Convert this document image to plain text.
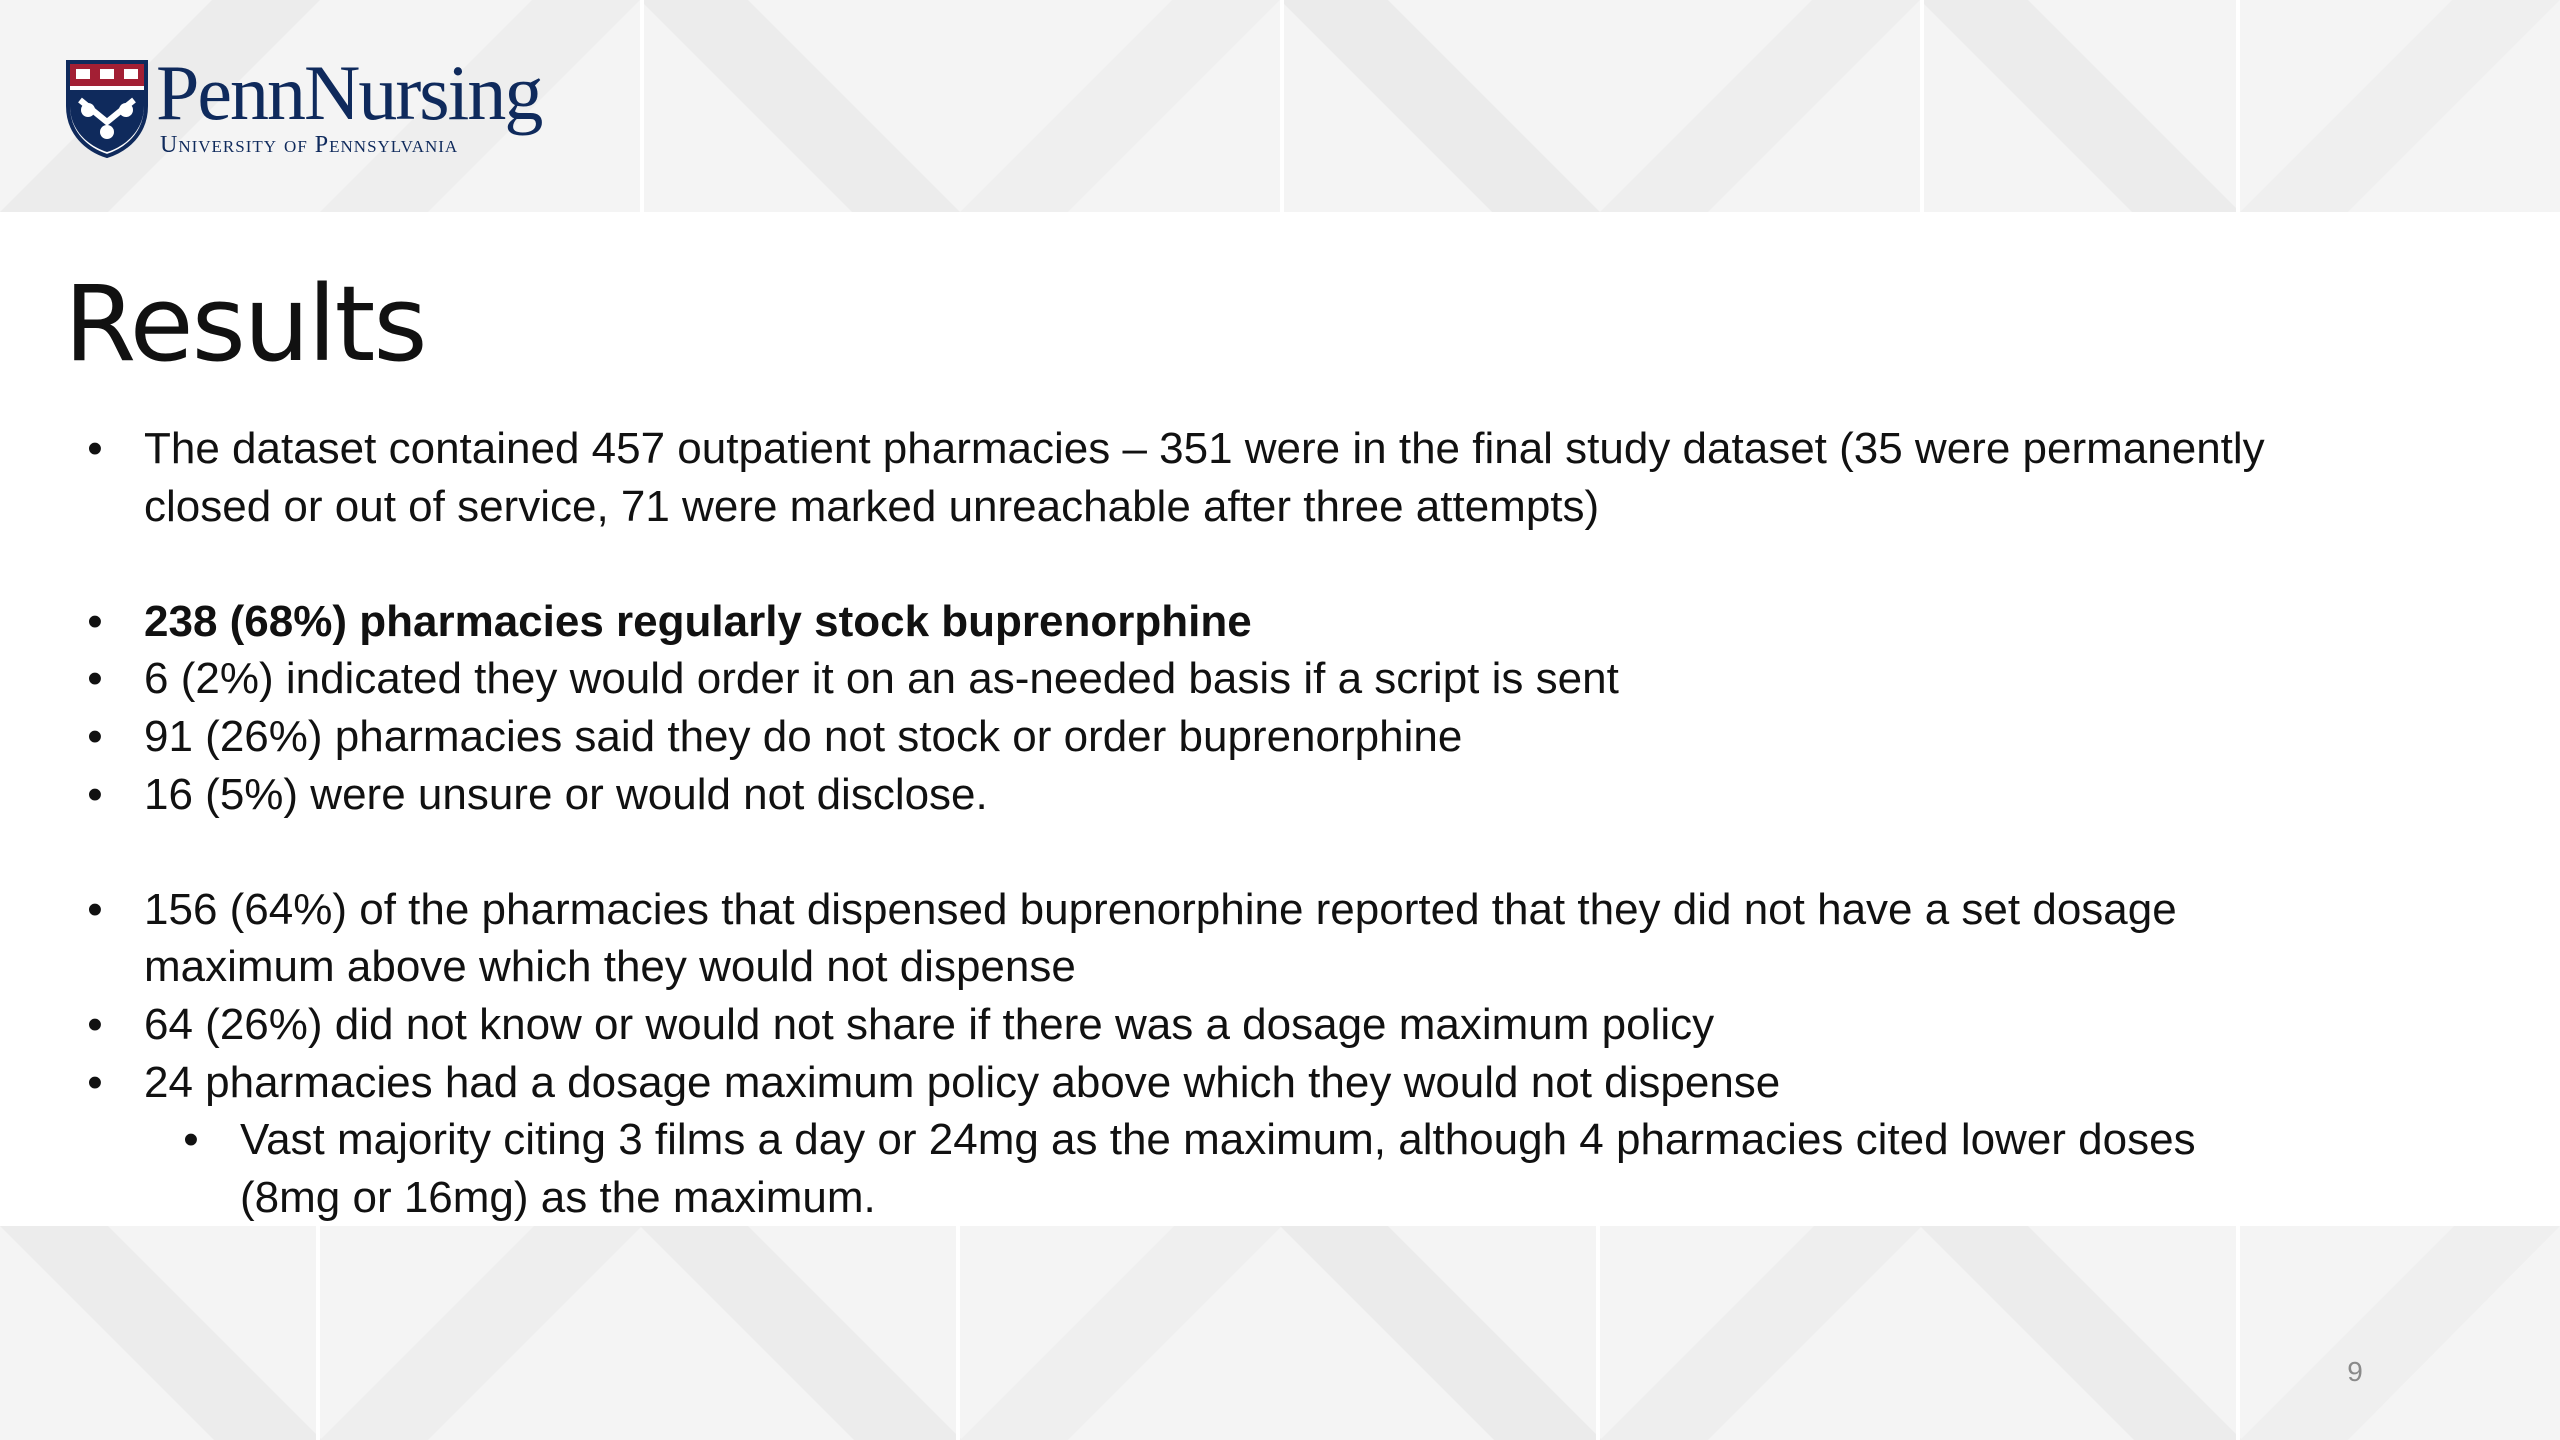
PennNursing
University of Pennsylvania
Results
• The dataset contained 457 outpatient pharmacies – 351 were in the final study dataset (35 were permanently closed or out of service, 71 were marked unreachable after three attempts)
• 238 (68%) pharmacies regularly stock buprenorphine
• 6 (2%) indicated they would order it on an as-needed basis if a script is sent
• 91 (26%) pharmacies said they do not stock or order buprenorphine
• 16 (5%) were unsure or would not disclose.
• 156 (64%) of the pharmacies that dispensed buprenorphine reported that they did not have a set dosage maximum above which they would not dispense
• 64 (26%) did not know or would not share if there was a dosage maximum policy
• 24 pharmacies had a dosage maximum policy above which they would not dispense
• Vast majority citing 3 films a day or 24mg as the maximum, although 4 pharmacies cited lower doses (8mg or 16mg) as the maximum.
9
